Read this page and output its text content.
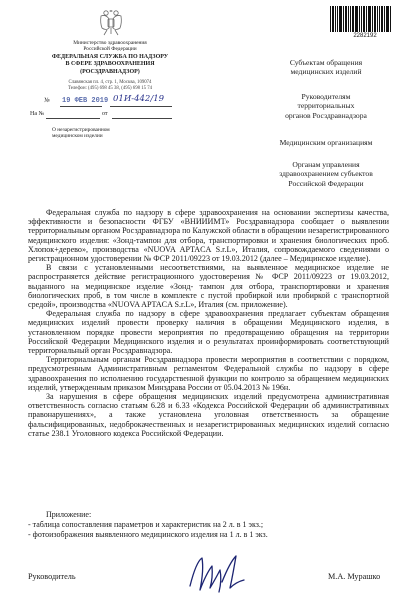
Министерство здравоохранения
Российской Федерации
ФЕДЕРАЛЬНАЯ СЛУЖБА ПО НАДЗОРУ
В СФЕРЕ ЗДРАВООХРАНЕНИЯ
(РОСЗДРАВНАДЗОР)
Славянская пл. 4, стр. 1, Москва, 109074
Телефон: (495) 698 45 38, (495) 698 15 74
19 ФЕВ 2019
№	01И-442/19
На №	от
О незарегистрированном
медицинском изделии
2282192
Субъектам обращения
медицинских изделий
Руководителям
территориальных
органов Росздравнадзора
Медицинским организациям
Органам управления
здравоохранением субъектов
Российской Федерации

Федеральная служба по надзору в сфере здравоохранения на основании экспертизы качества, эффективности и безопасности ФГБУ «ВНИИИМТ» Росздравнадзора сообщает о выявлении территориальным органом Росздравнадзора по Калужской области в обращении незарегистрированного медицинского изделия: «Зонд-тампон для отбора, транспортировки и хранения биологических проб. Хлопок+дерево», производства «NUOVA APTACA S.r.L», Италия, сопровождаемого сведениями о регистрационном удостоверении № ФСР 2011/09223 от 19.03.2012 (далее – Медицинское изделие).

В связи с установленными несоответствиями, на выявленное медицинское изделие не распространяется действие регистрационного удостоверения № ФСР 2011/09223 от 19.03.2012, выданного на медицинское изделие «Зонд- тампон для отбора, транспортировки и хранения биологических проб, в том числе в комплекте с пустой пробиркой или пробиркой с транспортной средой», производства «NUOVA APTACA S.r.L», Италия (см. приложение).

Федеральная служба по надзору в сфере здравоохранения предлагает субъектам обращения медицинских изделий провести проверку наличия в обращении Медицинского изделия, в установленном порядке провести мероприятия по предотвращению обращения на территории Российской Федерации Медицинского изделия и о результатах проинформировать соответствующий территориальный орган Росздравнадзора.

Территориальным органам Росздравнадзора провести мероприятия в соответствии с порядком, предусмотренным Административным регламентом Федеральной службы по надзору в сфере здравоохранения по исполнению государственной функции по контролю за обращением медицинских изделий, утвержденным приказом Минздрава России от 05.04.2013 № 196н.

За нарушения в сфере обращения медицинских изделий предусмотрена административная ответственность согласно статьям 6.28 и 6.33 «Кодекса Российской Федерации об административных правонарушениях», а также установлена уголовная ответственность за обращение фальсифицированных, недоброкачественных и незарегистрированных медицинских изделий согласно статье 238.1 Уголовного кодекса Российской Федерации.

Приложение:
- таблица сопоставления параметров и характеристик на 2 л. в 1 экз.;
- фотоизображения выявленного медицинского изделия на 1 л. в 1 экз.
Руководитель	М.А. Мурашко
